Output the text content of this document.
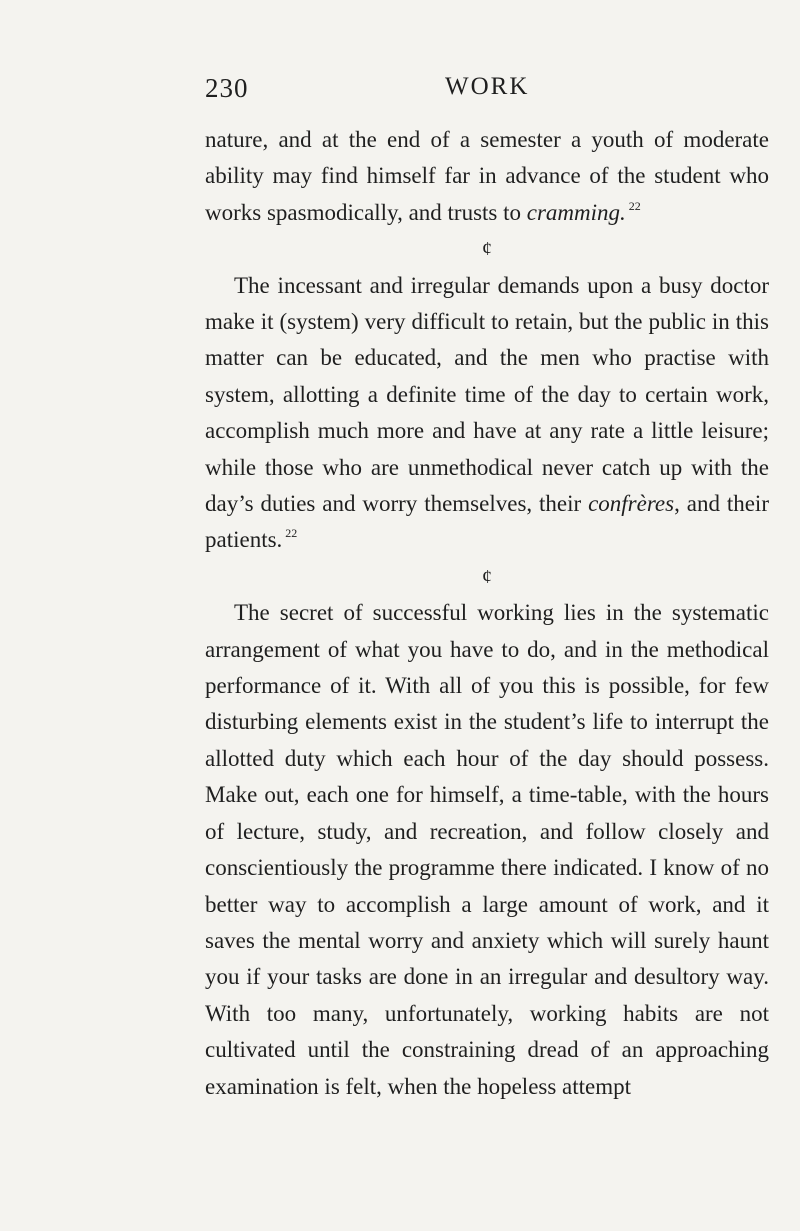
230	WORK

nature, and at the end of a semester a youth of moderate ability may find himself far in advance of the student who works spasmodically, and trusts to cramming. $^{22}$

¢

The incessant and irregular demands upon a busy doctor make it (system) very difficult to retain, but the public in this matter can be educated, and the men who practise with system, allotting a definite time of the day to certain work, accomplish much more and have at any rate a little leisure; while those who are unmethodical never catch up with the day’s duties and worry themselves, their confrères, and their patients. $^{22}$

¢

The secret of successful working lies in the systematic arrangement of what you have to do, and in the methodical performance of it. With all of you this is possible, for few disturbing elements exist in the student’s life to interrupt the allotted duty which each hour of the day should possess. Make out, each one for himself, a time-table, with the hours of lecture, study, and recreation, and follow closely and conscientiously the programme there indicated. I know of no better way to accomplish a large amount of work, and it saves the mental worry and anxiety which will surely haunt you if your tasks are done in an irregular and desultory way. With too many, unfortunately, working habits are not cultivated until the constraining dread of an approaching examination is felt, when the hopeless attempt
